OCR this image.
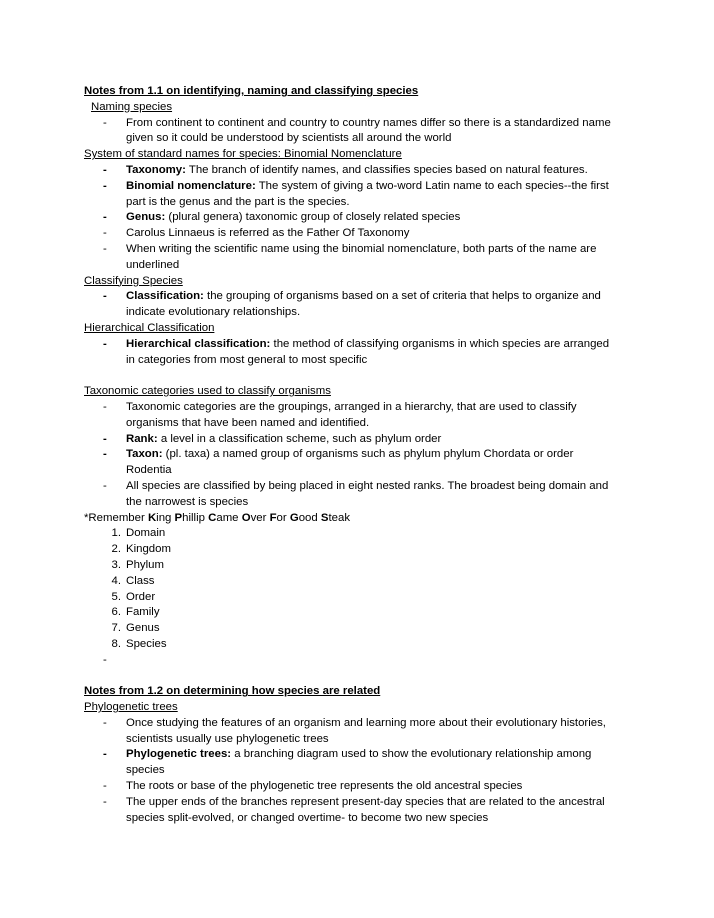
Notes from 1.1 on identifying, naming and classifying species
Naming species
- From continent to continent and country to country names differ so there is a standardized name
given so it could be understood by scientists all around the world
System of standard names for species: Binomial Nomenclature
- Taxonomy: The branch of identify names, and classifies species based on natural features.
- Binomial nomenclature: The system of giving a two-word Latin name to each species--the first
part is the genus and the part is the species.
- Genus: (plural genera) taxonomic group of closely related species
- Carolus Linnaeus is referred as the Father Of Taxonomy
- When writing the scientific name using the binomial nomenclature, both parts of the name are
underlined
Classifying Species
- Classification: the grouping of organisms based on a set of criteria that helps to organize and
indicate evolutionary relationships.
Hierarchical Classification
- Hierarchical classification: the method of classifying organisms in which species are arranged
in categories from most general to most specific
Taxonomic categories used to classify organisms
- Taxonomic categories are the groupings, arranged in a hierarchy, that are used to classify
organisms that have been named and identified.
- Rank: a level in a classification scheme, such as phylum order
- Taxon: (pl. taxa) a named group of organisms such as phylum phylum Chordata or order
Rodentia
- All species are classified by being placed in eight nested ranks. The broadest being domain and
the narrowest is species
*Remember King Phillip Came Over For Good Steak
1. Domain
2. Kingdom
3. Phylum
4. Class
5. Order
6. Family
7. Genus
8. Species
-
Notes from 1.2 on determining how species are related
Phylogenetic trees
- Once studying the features of an organism and learning more about their evolutionary histories,
scientists usually use phylogenetic trees
- Phylogenetic trees: a branching diagram used to show the evolutionary relationship among
species
- The roots or base of the phylogenetic tree represents the old ancestral species
- The upper ends of the branches represent present-day species that are related to the ancestral
species split-evolved, or changed overtime- to become two new species
